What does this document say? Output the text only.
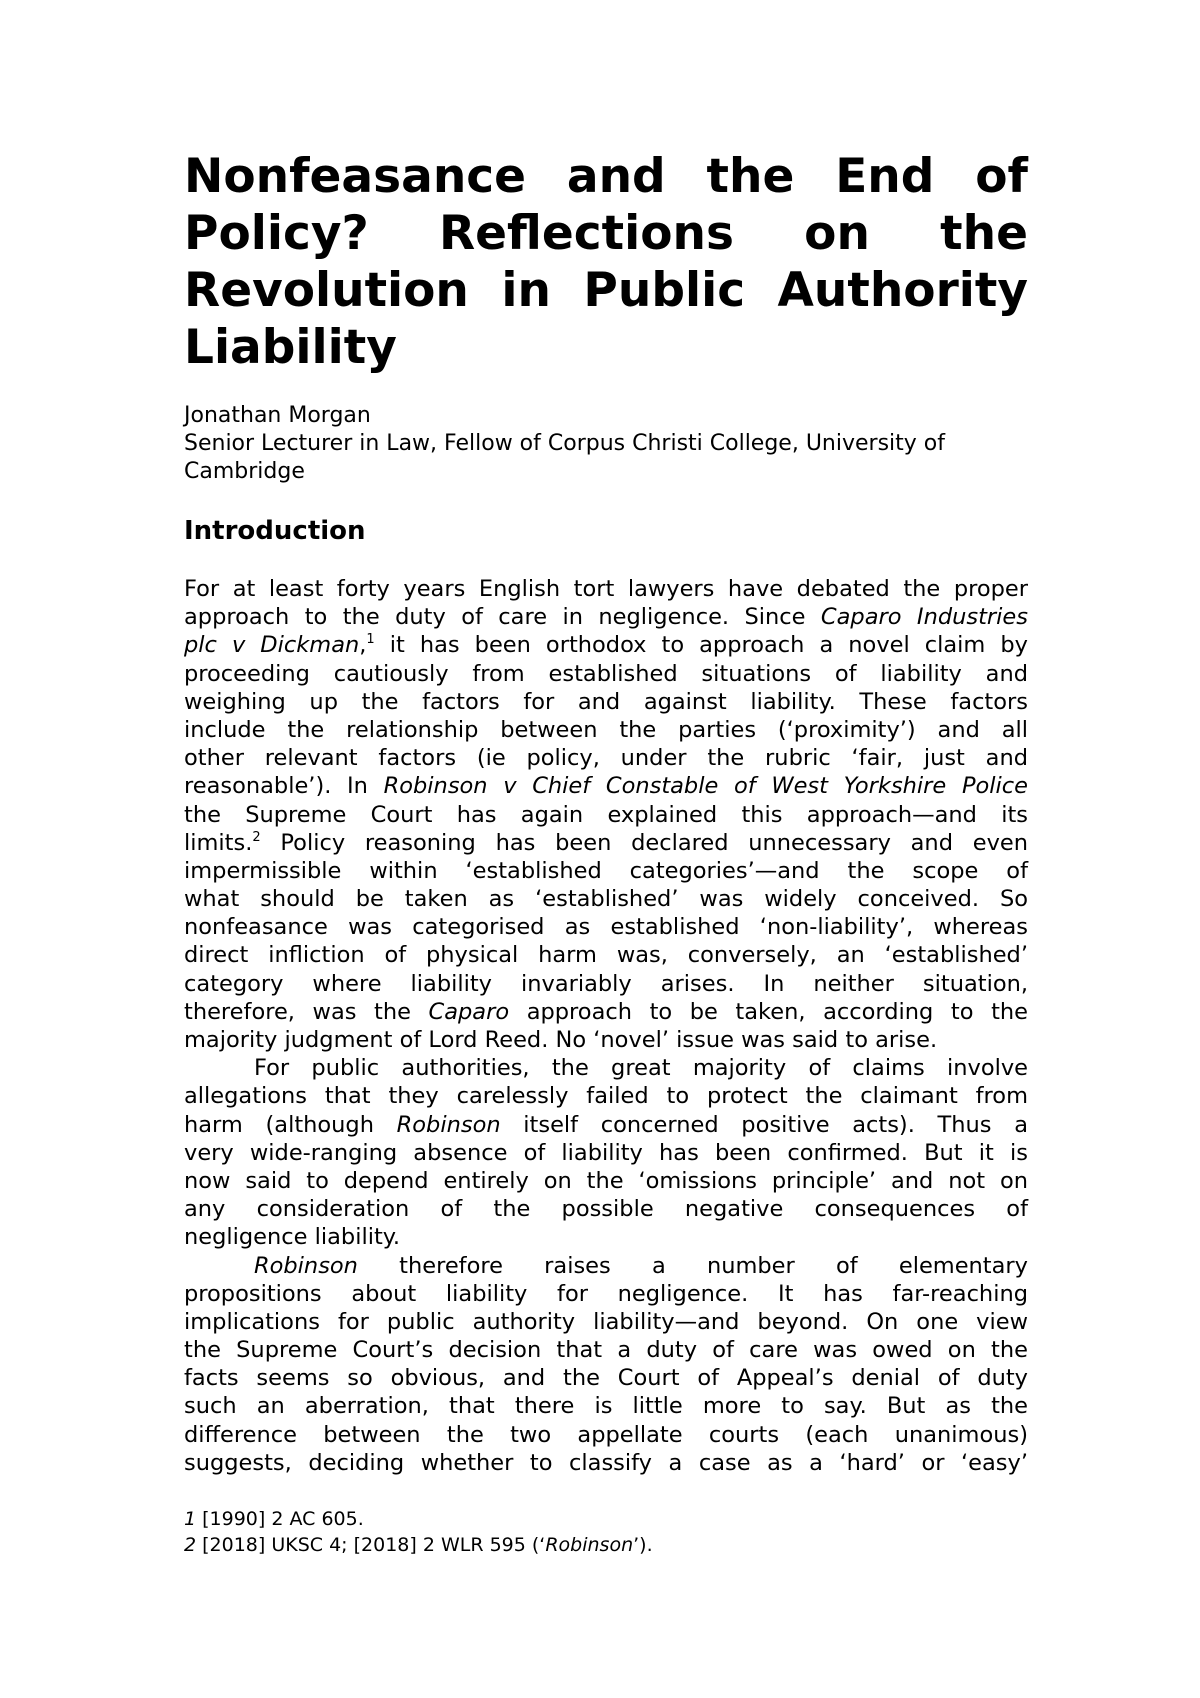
Nonfeasance and the End of
Policy? Reflections on the
Revolution in Public Authority
Liability
Jonathan Morgan
Senior Lecturer in Law, Fellow of Corpus Christi College, University of
Cambridge
Introduction
For at least forty years English tort lawyers have debated the proper
approach to the duty of care in negligence. Since Caparo Industries
plc v Dickman,$^1$ it has been orthodox to approach a novel claim by
proceeding cautiously from established situations of liability and
weighing up the factors for and against liability. These factors
include the relationship between the parties (‘proximity’) and all
other relevant factors (ie policy, under the rubric ‘fair, just and
reasonable’). In Robinson v Chief Constable of West Yorkshire Police
the Supreme Court has again explained this approach—and its
limits.$^2$ Policy reasoning has been declared unnecessary and even
impermissible within ‘established categories’—and the scope of
what should be taken as ‘established’ was widely conceived. So
nonfeasance was categorised as established ‘non-liability’, whereas
direct infliction of physical harm was, conversely, an ‘established’
category where liability invariably arises. In neither situation,
therefore, was the Caparo approach to be taken, according to the
majority judgment of Lord Reed. No ‘novel’ issue was said to arise.
For public authorities, the great majority of claims involve
allegations that they carelessly failed to protect the claimant from
harm (although Robinson itself concerned positive acts). Thus a
very wide-ranging absence of liability has been confirmed. But it is
now said to depend entirely on the ‘omissions principle’ and not on
any consideration of the possible negative consequences of
negligence liability.
Robinson therefore raises a number of elementary
propositions about liability for negligence. It has far-reaching
implications for public authority liability—and beyond. On one view
the Supreme Court’s decision that a duty of care was owed on the
facts seems so obvious, and the Court of Appeal’s denial of duty
such an aberration, that there is little more to say. But as the
difference between the two appellate courts (each unanimous)
suggests, deciding whether to classify a case as a ‘hard’ or ‘easy’
1 [1990] 2 AC 605.
2 [2018] UKSC 4; [2018] 2 WLR 595 (‘Robinson’).
